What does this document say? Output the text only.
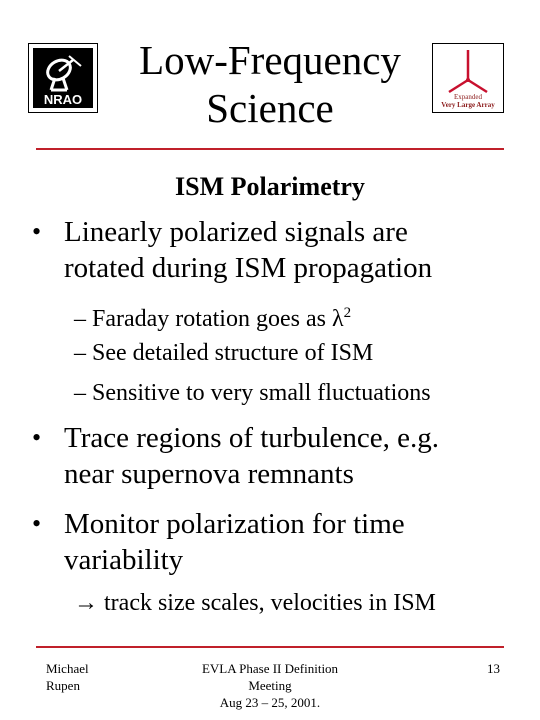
NRAO
Low-Frequency
Science	Expanded
Very Large Array
ISM Polarimetry
• Linearly polarized signals are
rotated during ISM propagation
– Faraday rotation goes as $\lambda^2$
– See detailed structure of ISM
– Sensitive to very small fluctuations
• Trace regions of turbulence, e.g.
near supernova remnants
• Monitor polarization for time
variability
→ track size scales, velocities in ISM
Michael
Rupen
EVLA Phase II Definition
Meeting
Aug 23 – 25, 2001.
13
